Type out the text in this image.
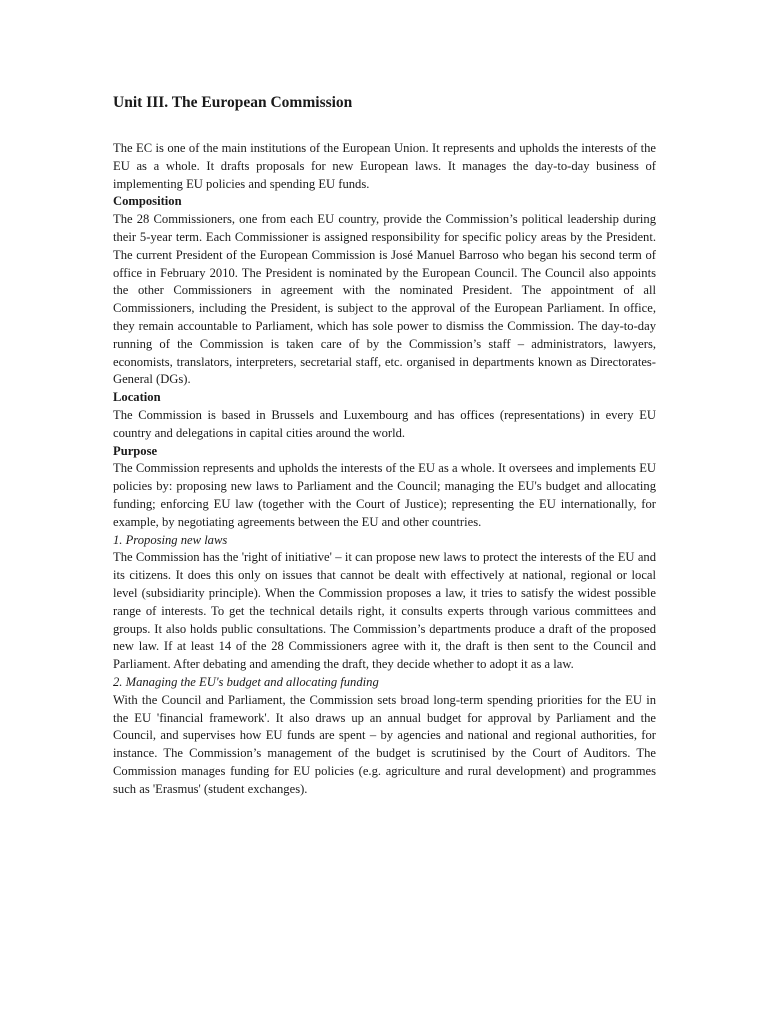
Unit III. The European Commission

The EC is one of the main institutions of the European Union. It represents and upholds the interests of the EU as a whole. It drafts proposals for new European laws. It manages the day-to-day business of implementing EU policies and spending EU funds.

Composition

The 28 Commissioners, one from each EU country, provide the Commission’s political leadership during their 5-year term. Each Commissioner is assigned responsibility for specific policy areas by the President. The current President of the European Commission is José Manuel Barroso who began his second term of office in February 2010. The President is nominated by the European Council. The Council also appoints the other Commissioners in agreement with the nominated President. The appointment of all Commissioners, including the President, is subject to the approval of the European Parliament. In office, they remain accountable to Parliament, which has sole power to dismiss the Commission. The day-to-day running of the Commission is taken care of by the Commission’s staff – administrators, lawyers, economists, translators, interpreters, secretarial staff, etc. organised in departments known as Directorates-General (DGs).

Location

The Commission is based in Brussels and Luxembourg and has offices (representations) in every EU country and delegations in capital cities around the world.

Purpose

The Commission represents and upholds the interests of the EU as a whole. It oversees and implements EU policies by: proposing new laws to Parliament and the Council; managing the EU's budget and allocating funding; enforcing EU law (together with the Court of Justice); representing the EU internationally, for example, by negotiating agreements between the EU and other countries.

1. Proposing new laws

The Commission has the 'right of initiative' – it can propose new laws to protect the interests of the EU and its citizens. It does this only on issues that cannot be dealt with effectively at national, regional or local level (subsidiarity principle). When the Commission proposes a law, it tries to satisfy the widest possible range of interests. To get the technical details right, it consults experts through various committees and groups. It also holds public consultations. The Commission’s departments produce a draft of the proposed new law. If at least 14 of the 28 Commissioners agree with it, the draft is then sent to the Council and Parliament. After debating and amending the draft, they decide whether to adopt it as a law.

2. Managing the EU's budget and allocating funding

With the Council and Parliament, the Commission sets broad long-term spending priorities for the EU in the EU 'financial framework'. It also draws up an annual budget for approval by Parliament and the Council, and supervises how EU funds are spent – by agencies and national and regional authorities, for instance. The Commission’s management of the budget is scrutinised by the Court of Auditors. The Commission manages funding for EU policies (e.g. agriculture and rural development) and programmes such as 'Erasmus' (student exchanges).
